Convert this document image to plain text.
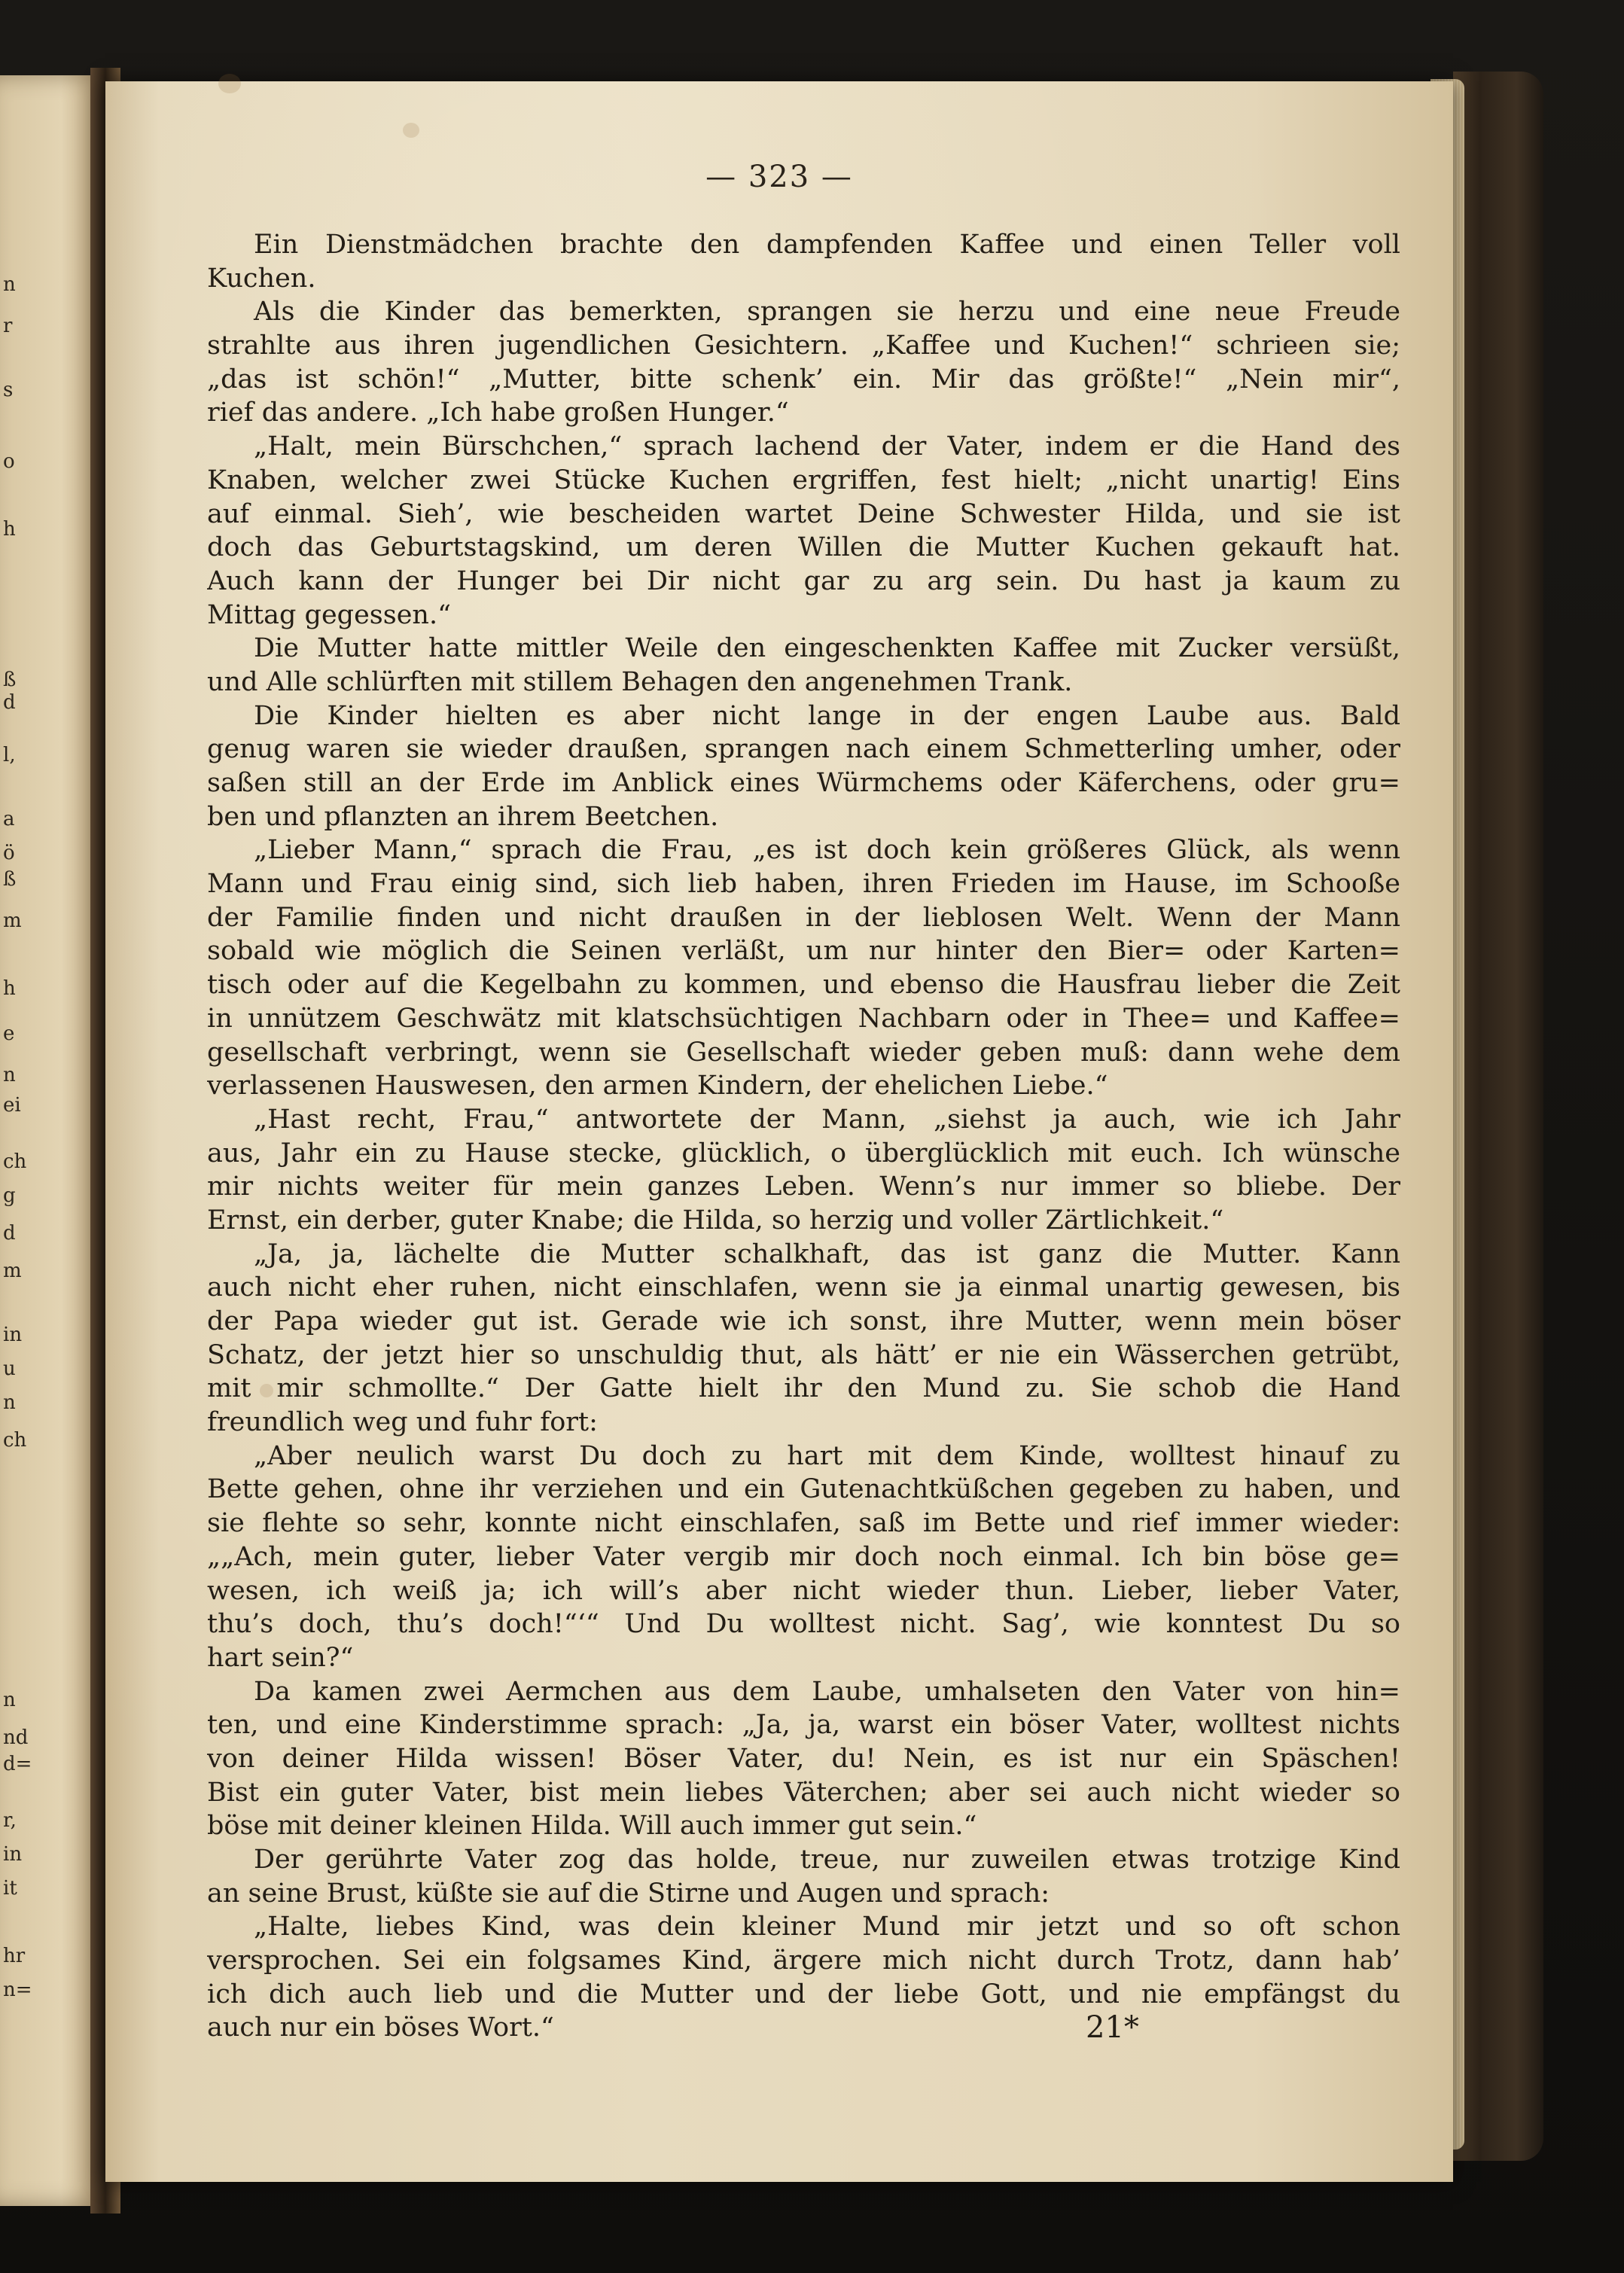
n
r
s
o
h
ß
d
l,
a
ö
ß
m
h
e
n
ei
ch
g
d
m
in
u
n
ch
n
nd
d=
r,
in
it
hr
n=
— 323 —
Ein Dienstmädchen brachte den dampfenden Kaffee und einen Teller voll
Kuchen.
Als die Kinder das bemerkten, sprangen sie herzu und eine neue Freude
strahlte aus ihren jugendlichen Gesichtern. „Kaffee und Kuchen!“ schrieen sie;
„das ist schön!“ „Mutter, bitte schenk’ ein. Mir das größte!“ „Nein mir“,
rief das andere. „Ich habe großen Hunger.“
„Halt, mein Bürschchen,“ sprach lachend der Vater, indem er die Hand des
Knaben, welcher zwei Stücke Kuchen ergriffen, fest hielt; „nicht unartig! Eins
auf einmal. Sieh’, wie bescheiden wartet Deine Schwester Hilda, und sie ist
doch das Geburtstagskind, um deren Willen die Mutter Kuchen gekauft hat.
Auch kann der Hunger bei Dir nicht gar zu arg sein. Du hast ja kaum zu
Mittag gegessen.“
Die Mutter hatte mittler Weile den eingeschenkten Kaffee mit Zucker versüßt,
und Alle schlürften mit stillem Behagen den angenehmen Trank.
Die Kinder hielten es aber nicht lange in der engen Laube aus. Bald
genug waren sie wieder draußen, sprangen nach einem Schmetterling umher, oder
saßen still an der Erde im Anblick eines Würmchems oder Käferchens, oder gru=
ben und pflanzten an ihrem Beetchen.
„Lieber Mann,“ sprach die Frau, „es ist doch kein größeres Glück, als wenn
Mann und Frau einig sind, sich lieb haben, ihren Frieden im Hause, im Schooße
der Familie finden und nicht draußen in der lieblosen Welt. Wenn der Mann
sobald wie möglich die Seinen verläßt, um nur hinter den Bier= oder Karten=
tisch oder auf die Kegelbahn zu kommen, und ebenso die Hausfrau lieber die Zeit
in unnützem Geschwätz mit klatschsüchtigen Nachbarn oder in Thee= und Kaffee=
gesellschaft verbringt, wenn sie Gesellschaft wieder geben muß: dann wehe dem
verlassenen Hauswesen, den armen Kindern, der ehelichen Liebe.“
„Hast recht, Frau,“ antwortete der Mann, „siehst ja auch, wie ich Jahr
aus, Jahr ein zu Hause stecke, glücklich, o überglücklich mit euch. Ich wünsche
mir nichts weiter für mein ganzes Leben. Wenn’s nur immer so bliebe. Der
Ernst, ein derber, guter Knabe; die Hilda, so herzig und voller Zärtlichkeit.“
„Ja, ja, lächelte die Mutter schalkhaft, das ist ganz die Mutter. Kann
auch nicht eher ruhen, nicht einschlafen, wenn sie ja einmal unartig gewesen, bis
der Papa wieder gut ist. Gerade wie ich sonst, ihre Mutter, wenn mein böser
Schatz, der jetzt hier so unschuldig thut, als hätt’ er nie ein Wässerchen getrübt,
mit mir schmollte.“ Der Gatte hielt ihr den Mund zu. Sie schob die Hand
freundlich weg und fuhr fort:
„Aber neulich warst Du doch zu hart mit dem Kinde, wolltest hinauf zu
Bette gehen, ohne ihr verziehen und ein Gutenachtküßchen gegeben zu haben, und
sie flehte so sehr, konnte nicht einschlafen, saß im Bette und rief immer wieder:
„„Ach, mein guter, lieber Vater vergib mir doch noch einmal. Ich bin böse ge=
wesen, ich weiß ja; ich will’s aber nicht wieder thun. Lieber, lieber Vater,
thu’s doch, thu’s doch!“‘“ Und Du wolltest nicht. Sag’, wie konntest Du so
hart sein?“
Da kamen zwei Aermchen aus dem Laube, umhalseten den Vater von hin=
ten, und eine Kinderstimme sprach: „Ja, ja, warst ein böser Vater, wolltest nichts
von deiner Hilda wissen! Böser Vater, du! Nein, es ist nur ein Späschen!
Bist ein guter Vater, bist mein liebes Väterchen; aber sei auch nicht wieder so
böse mit deiner kleinen Hilda. Will auch immer gut sein.“
Der gerührte Vater zog das holde, treue, nur zuweilen etwas trotzige Kind
an seine Brust, küßte sie auf die Stirne und Augen und sprach:
„Halte, liebes Kind, was dein kleiner Mund mir jetzt und so oft schon
versprochen. Sei ein folgsames Kind, ärgere mich nicht durch Trotz, dann hab’
ich dich auch lieb und die Mutter und der liebe Gott, und nie empfängst du
auch nur ein böses Wort.“	21*
